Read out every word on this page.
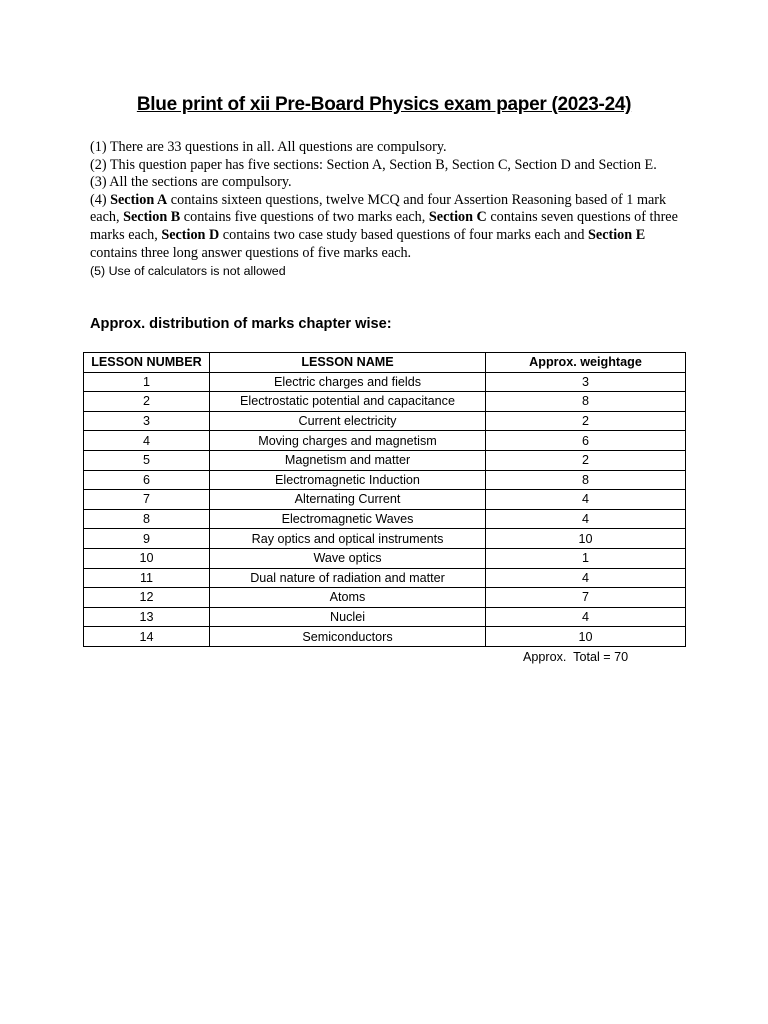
Blue print of xii Pre-Board Physics exam paper (2023-24)

(1) There are 33 questions in all. All questions are compulsory.

(2) This question paper has five sections: Section A, Section B, Section C, Section D and Section E.

(3) All the sections are compulsory.

(4) Section A contains sixteen questions, twelve MCQ and four Assertion Reasoning based of 1 mark each, Section B contains five questions of two marks each, Section C contains seven questions of three marks each, Section D contains two case study based questions of four marks each and Section E contains three long answer questions of five marks each.

(5) Use of calculators is not allowed

Approx. distribution of marks chapter wise:
LESSON NUMBER	LESSON NAME	Approx. weightage
1	Electric charges and fields	3
2	Electrostatic potential and capacitance	8
3	Current electricity	2
4	Moving charges and magnetism	6
5	Magnetism and matter	2
6	Electromagnetic Induction	8
7	Alternating Current	4
8	Electromagnetic Waves	4
9	Ray optics and optical instruments	10
10	Wave optics	1
11	Dual nature of radiation and matter	4
12	Atoms	7
13	Nuclei	4
14	Semiconductors	10
Approx.  Total = 70
